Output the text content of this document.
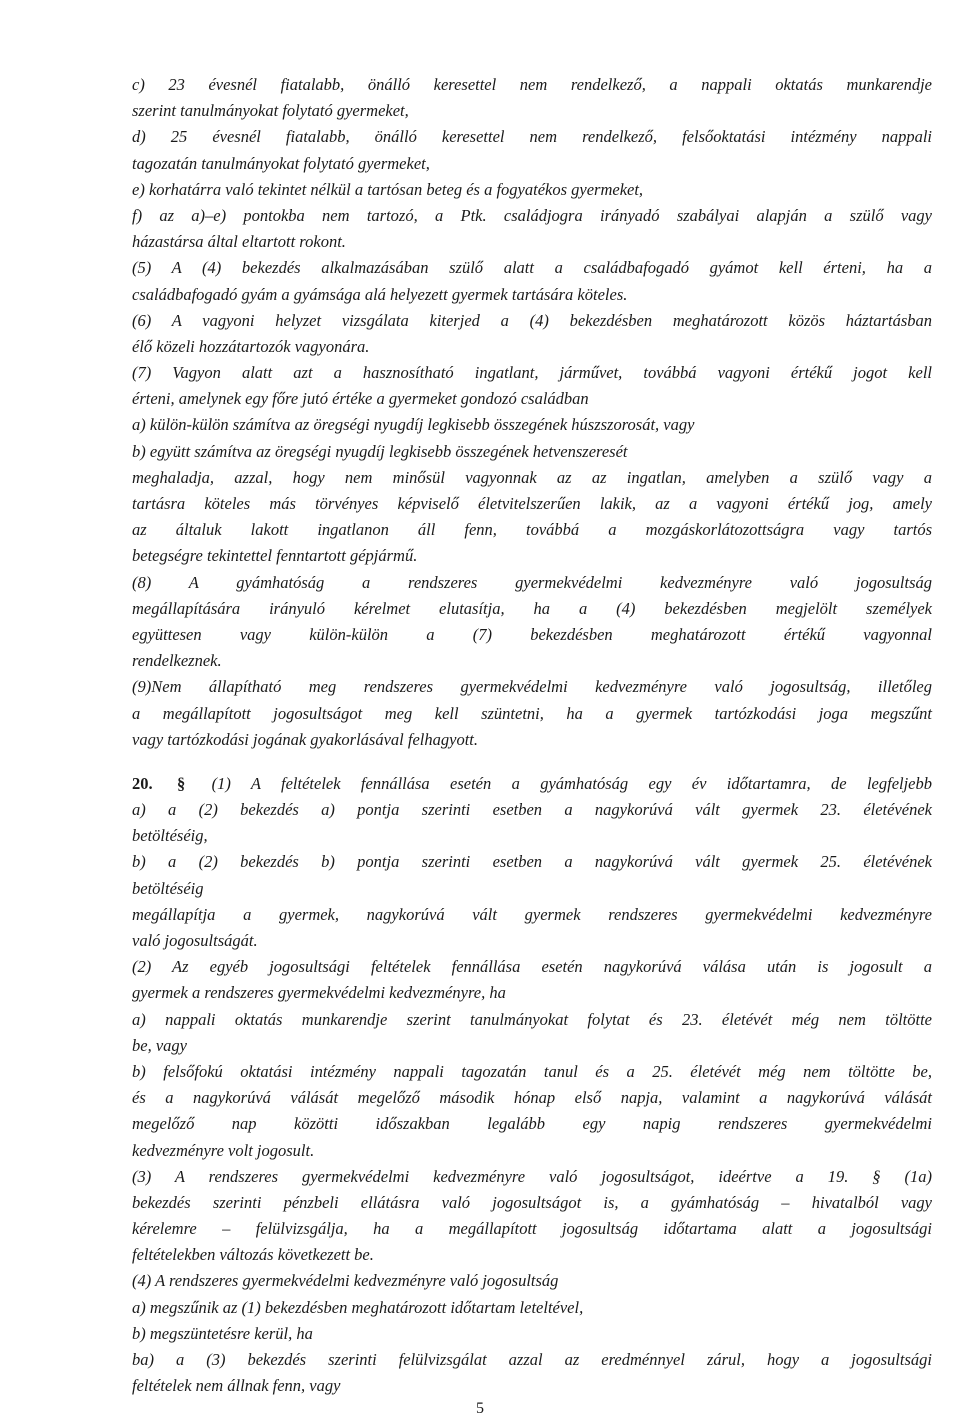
c) 23 évesnél fiatalabb, önálló keresettel nem rendelkező, a nappali oktatás munkarendje
szerint tanulmányokat folytató gyermeket,
d) 25 évesnél fiatalabb, önálló keresettel nem rendelkező, felsőoktatási intézmény nappali
tagozatán tanulmányokat folytató gyermeket,
e) korhatárra való tekintet nélkül a tartósan beteg és a fogyatékos gyermeket,
f) az a)–e) pontokba nem tartozó, a Ptk. családjogra irányadó szabályai alapján a szülő vagy
házastársa által eltartott rokont.
(5) A (4) bekezdés alkalmazásában szülő alatt a családbafogadó gyámot kell érteni, ha a
családbafogadó gyám a gyámsága alá helyezett gyermek tartására köteles.
(6) A vagyoni helyzet vizsgálata kiterjed a (4) bekezdésben meghatározott közös háztartásban
élő közeli hozzátartozók vagyonára.
(7) Vagyon alatt azt a hasznosítható ingatlant, járművet, továbbá vagyoni értékű jogot kell
érteni, amelynek egy főre jutó értéke a gyermeket gondozó családban
a) külön-külön számítva az öregségi nyugdíj legkisebb összegének húszszorosát, vagy
b) együtt számítva az öregségi nyugdíj legkisebb összegének hetvenszeresét
meghaladja, azzal, hogy nem minősül vagyonnak az az ingatlan, amelyben a szülő vagy a
tartásra köteles más törvényes képviselő életvitelszerűen lakik, az a vagyoni értékű jog, amely
az általuk lakott ingatlanon áll fenn, továbbá a mozgáskorlátozottságra vagy tartós
betegségre tekintettel fenntartott gépjármű.
(8) A gyámhatóság a rendszeres gyermekvédelmi kedvezményre való jogosultság
megállapítására irányuló kérelmet elutasítja, ha a (4) bekezdésben megjelölt személyek
együttesen vagy külön-külön a (7) bekezdésben meghatározott értékű vagyonnal
rendelkeznek.
(9)Nem állapítható meg rendszeres gyermekvédelmi kedvezményre való jogosultság, illetőleg
a megállapított jogosultságot meg kell szüntetni, ha a gyermek tartózkodási joga megszűnt
vagy tartózkodási jogának gyakorlásával felhagyott.
20. § (1) A feltételek fennállása esetén a gyámhatóság egy év időtartamra, de legfeljebb
a) a (2) bekezdés a) pontja szerinti esetben a nagykorúvá vált gyermek 23. életévének
betöltéséig,
b) a (2) bekezdés b) pontja szerinti esetben a nagykorúvá vált gyermek 25. életévének
betöltéséig
megállapítja a gyermek, nagykorúvá vált gyermek rendszeres gyermekvédelmi kedvezményre
való jogosultságát.
(2) Az egyéb jogosultsági feltételek fennállása esetén nagykorúvá válása után is jogosult a
gyermek a rendszeres gyermekvédelmi kedvezményre, ha
a) nappali oktatás munkarendje szerint tanulmányokat folytat és 23. életévét még nem töltötte
be, vagy
b) felsőfokú oktatási intézmény nappali tagozatán tanul és a 25. életévét még nem töltötte be,
és a nagykorúvá válását megelőző második hónap első napja, valamint a nagykorúvá válását
megelőző nap közötti időszakban legalább egy napig rendszeres gyermekvédelmi
kedvezményre volt jogosult.
(3) A rendszeres gyermekvédelmi kedvezményre való jogosultságot, ideértve a 19. § (1a)
bekezdés szerinti pénzbeli ellátásra való jogosultságot is, a gyámhatóság – hivatalból vagy
kérelemre – felülvizsgálja, ha a megállapított jogosultság időtartama alatt a jogosultsági
feltételekben változás következett be.
(4) A rendszeres gyermekvédelmi kedvezményre való jogosultság
a) megszűnik az (1) bekezdésben meghatározott időtartam leteltével,
b) megszüntetésre kerül, ha
ba) a (3) bekezdés szerinti felülvizsgálat azzal az eredménnyel zárul, hogy a jogosultsági
feltételek nem állnak fenn, vagy
5
